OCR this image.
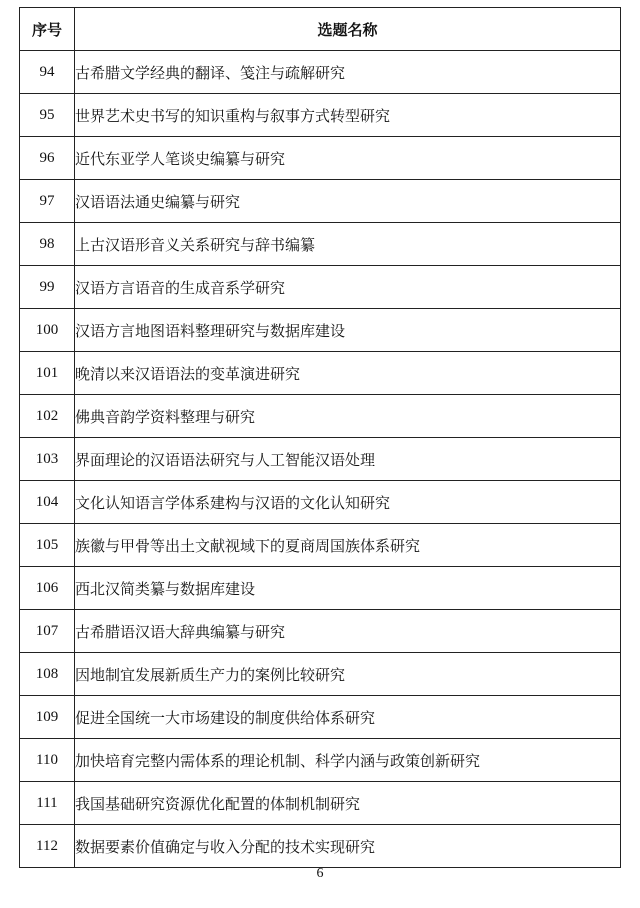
序号	选题名称
94	古希腊文学经典的翻译、笺注与疏解研究
95	世界艺术史书写的知识重构与叙事方式转型研究
96	近代东亚学人笔谈史编纂与研究
97	汉语语法通史编纂与研究
98	上古汉语形音义关系研究与辞书编纂
99	汉语方言语音的生成音系学研究
100	汉语方言地图语料整理研究与数据库建设
101	晚清以来汉语语法的变革演进研究
102	佛典音韵学资料整理与研究
103	界面理论的汉语语法研究与人工智能汉语处理
104	文化认知语言学体系建构与汉语的文化认知研究
105	族徽与甲骨等出土文献视域下的夏商周国族体系研究
106	西北汉简类纂与数据库建设
107	古希腊语汉语大辞典编纂与研究
108	因地制宜发展新质生产力的案例比较研究
109	促进全国统一大市场建设的制度供给体系研究
110	加快培育完整内需体系的理论机制、科学内涵与政策创新研究
111	我国基础研究资源优化配置的体制机制研究
112	数据要素价值确定与收入分配的技术实现研究
6
